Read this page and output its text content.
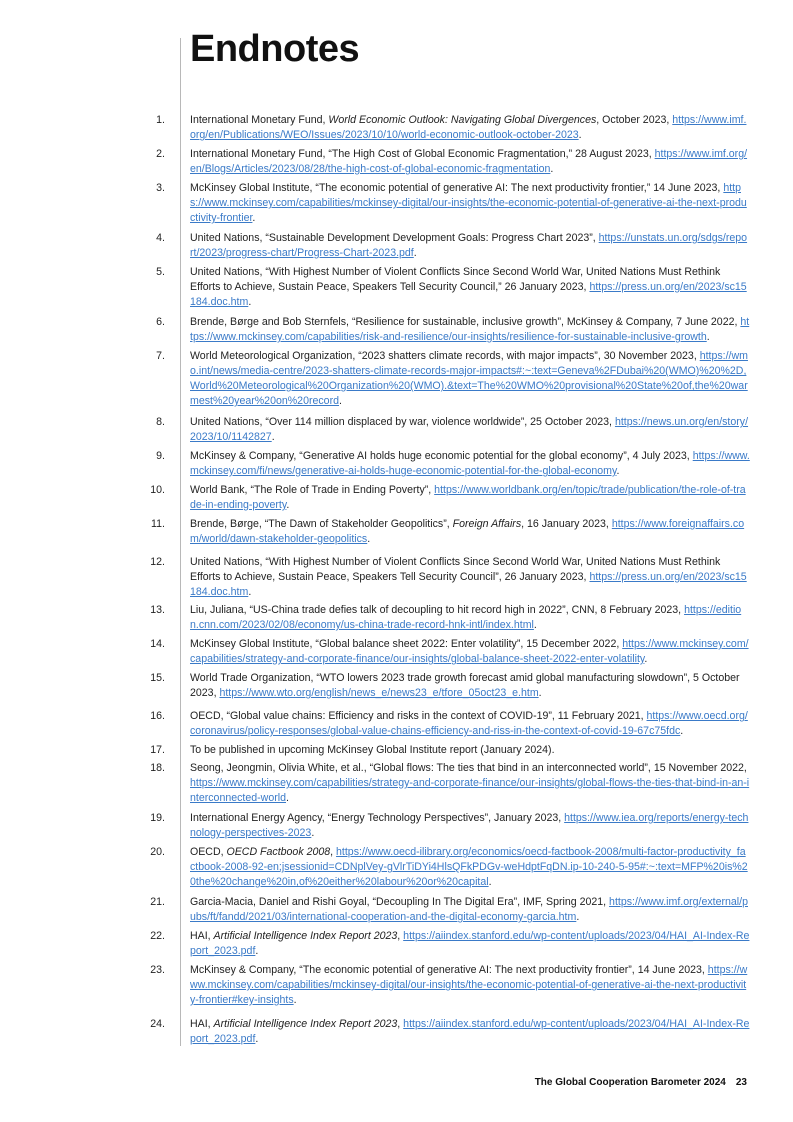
Endnotes
1. International Monetary Fund, World Economic Outlook: Navigating Global Divergences, October 2023, https://www.imf.org/en/Publications/WEO/Issues/2023/10/10/world-economic-outlook-october-2023.
2. International Monetary Fund, “The High Cost of Global Economic Fragmentation,” 28 August 2023, https://www.imf.org/en/Blogs/Articles/2023/08/28/the-high-cost-of-global-economic-fragmentation.
3. McKinsey Global Institute, “The economic potential of generative AI: The next productivity frontier,” 14 June 2023, https://www.mckinsey.com/capabilities/mckinsey-digital/our-insights/the-economic-potential-of-generative-ai-the-next-productivity-frontier.
4. United Nations, “Sustainable Development Development Goals: Progress Chart 2023”, https://unstats.un.org/sdgs/report/2023/progress-chart/Progress-Chart-2023.pdf.
5. United Nations, “With Highest Number of Violent Conflicts Since Second World War, United Nations Must Rethink Efforts to Achieve, Sustain Peace, Speakers Tell Security Council,” 26 January 2023, https://press.un.org/en/2023/sc15184.doc.htm.
6. Brende, Børge and Bob Sternfels, “Resilience for sustainable, inclusive growth”, McKinsey & Company, 7 June 2022, https://www.mckinsey.com/capabilities/risk-and-resilience/our-insights/resilience-for-sustainable-inclusive-growth.
7. World Meteorological Organization, “2023 shatters climate records, with major impacts”, 30 November 2023, https://wmo.int/news/media-centre/2023-shatters-climate-records-major-impacts#:~:text=Geneva%2FDubai%20(WMO)%20%2D,World%20Meteorological%20Organization%20(WMO).&text=The%20WMO%20provisional%20State%20of,the%20warmest%20year%20on%20record.
8. United Nations, “Over 114 million displaced by war, violence worldwide”, 25 October 2023, https://news.un.org/en/story/2023/10/1142827.
9. McKinsey & Company, “Generative AI holds huge economic potential for the global economy”, 4 July 2023, https://www.mckinsey.com/fi/news/generative-ai-holds-huge-economic-potential-for-the-global-economy.
10. World Bank, “The Role of Trade in Ending Poverty”, https://www.worldbank.org/en/topic/trade/publication/the-role-of-trade-in-ending-poverty.
11. Brende, Børge, “The Dawn of Stakeholder Geopolitics”, Foreign Affairs, 16 January 2023, https://www.foreignaffairs.com/world/dawn-stakeholder-geopolitics.
12. United Nations, “With Highest Number of Violent Conflicts Since Second World War, United Nations Must Rethink Efforts to Achieve, Sustain Peace, Speakers Tell Security Council”, 26 January 2023, https://press.un.org/en/2023/sc15184.doc.htm.
13. Liu, Juliana, “US-China trade defies talk of decoupling to hit record high in 2022”, CNN, 8 February 2023, https://edition.cnn.com/2023/02/08/economy/us-china-trade-record-hnk-intl/index.html.
14. McKinsey Global Institute, “Global balance sheet 2022: Enter volatility”, 15 December 2022, https://www.mckinsey.com/capabilities/strategy-and-corporate-finance/our-insights/global-balance-sheet-2022-enter-volatility.
15. World Trade Organization, “WTO lowers 2023 trade growth forecast amid global manufacturing slowdown”, 5 October 2023, https://www.wto.org/english/news_e/news23_e/tfore_05oct23_e.htm.
16. OECD, “Global value chains: Efficiency and risks in the context of COVID-19”, 11 February 2021, https://www.oecd.org/coronavirus/policy-responses/global-value-chains-efficiency-and-riss-in-the-context-of-covid-19-67c75fdc.
17. To be published in upcoming McKinsey Global Institute report (January 2024).
18. Seong, Jeongmin, Olivia White, et al., “Global flows: The ties that bind in an interconnected world”, 15 November 2022, https://www.mckinsey.com/capabilities/strategy-and-corporate-finance/our-insights/global-flows-the-ties-that-bind-in-an-interconnected-world.
19. International Energy Agency, “Energy Technology Perspectives”, January 2023, https://www.iea.org/reports/energy-technology-perspectives-2023.
20. OECD, OECD Factbook 2008, https://www.oecd-ilibrary.org/economics/oecd-factbook-2008/multi-factor-productivity_factbook-2008-92-en;jsessionid=CDNplVey-gVlrTiDYi4HlsQFkPDGv-weHdptFqDN.ip-10-240-5-95#:~:text=MFP%20is%20the%20change%20in,of%20either%20labour%20or%20capital.
21. Garcia-Macia, Daniel and Rishi Goyal, “Decoupling In The Digital Era”, IMF, Spring 2021, https://www.imf.org/external/pubs/ft/fandd/2021/03/international-cooperation-and-the-digital-economy-garcia.htm.
22. HAI, Artificial Intelligence Index Report 2023, https://aiindex.stanford.edu/wp-content/uploads/2023/04/HAI_AI-Index-Report_2023.pdf.
23. McKinsey & Company, “The economic potential of generative AI: The next productivity frontier”, 14 June 2023, https://www.mckinsey.com/capabilities/mckinsey-digital/our-insights/the-economic-potential-of-generative-ai-the-next-productivity-frontier#key-insights.
24. HAI, Artificial Intelligence Index Report 2023, https://aiindex.stanford.edu/wp-content/uploads/2023/04/HAI_AI-Index-Report_2023.pdf.
The Global Cooperation Barometer 2024 23
